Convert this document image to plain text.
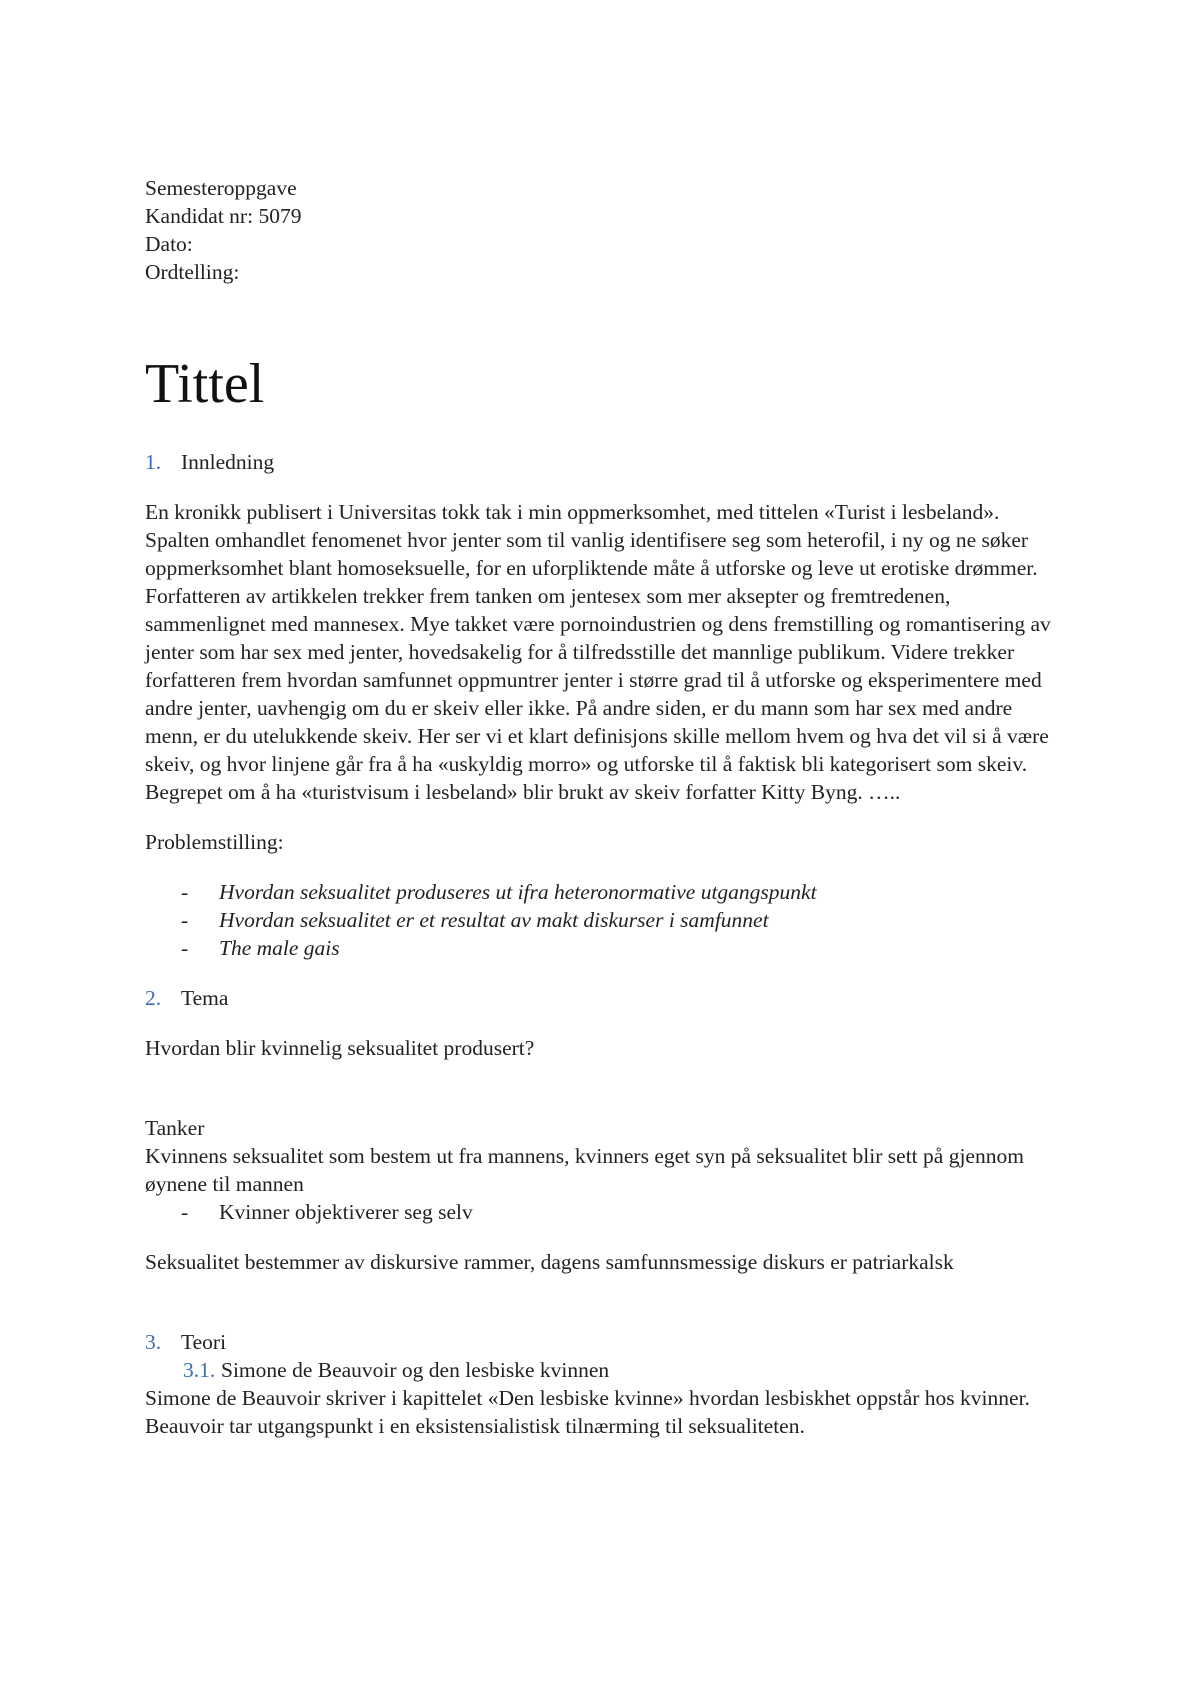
Semesteroppgave
Kandidat nr: 5079
Dato:
Ordtelling:
Tittel
1. Innledning
En kronikk publisert i Universitas tokk tak i min oppmerksomhet, med tittelen «Turist i lesbeland». Spalten omhandlet fenomenet hvor jenter som til vanlig identifisere seg som heterofil, i ny og ne søker oppmerksomhet blant homoseksuelle, for en uforpliktende måte å utforske og leve ut erotiske drømmer. Forfatteren av artikkelen trekker frem tanken om jentesex som mer aksepter og fremtredenen, sammenlignet med mannesex. Mye takket være pornoindustrien og dens fremstilling og romantisering av jenter som har sex med jenter, hovedsakelig for å tilfredsstille det mannlige publikum. Videre trekker forfatteren frem hvordan samfunnet oppmuntrer jenter i større grad til å utforske og eksperimentere med andre jenter, uavhengig om du er skeiv eller ikke. På andre siden, er du mann som har sex med andre menn, er du utelukkende skeiv. Her ser vi et klart definisjons skille mellom hvem og hva det vil si å være skeiv, og hvor linjene går fra å ha «uskyldig morro» og utforske til å faktisk bli kategorisert som skeiv.
Begrepet om å ha «turistvisum i lesbeland» blir brukt av skeiv forfatter Kitty Byng. …..
Problemstilling:
-	Hvordan seksualitet produseres ut ifra heteronormative utgangspunkt
-	Hvordan seksualitet er et resultat av makt diskurser i samfunnet
-	The male gais
2. Tema
Hvordan blir kvinnelig seksualitet produsert?
Tanker
Kvinnens seksualitet som bestem ut fra mannens, kvinners eget syn på seksualitet blir sett på gjennom øynene til mannen
-	Kvinner objektiverer seg selv
Seksualitet bestemmer av diskursive rammer, dagens samfunnsmessige diskurs er patriarkalsk
3. Teori
3.1. Simone de Beauvoir og den lesbiske kvinnen
Simone de Beauvoir skriver i kapittelet «Den lesbiske kvinne» hvordan lesbiskhet oppstår hos kvinner. Beauvoir tar utgangspunkt i en eksistensialistisk tilnærming til seksualiteten.
